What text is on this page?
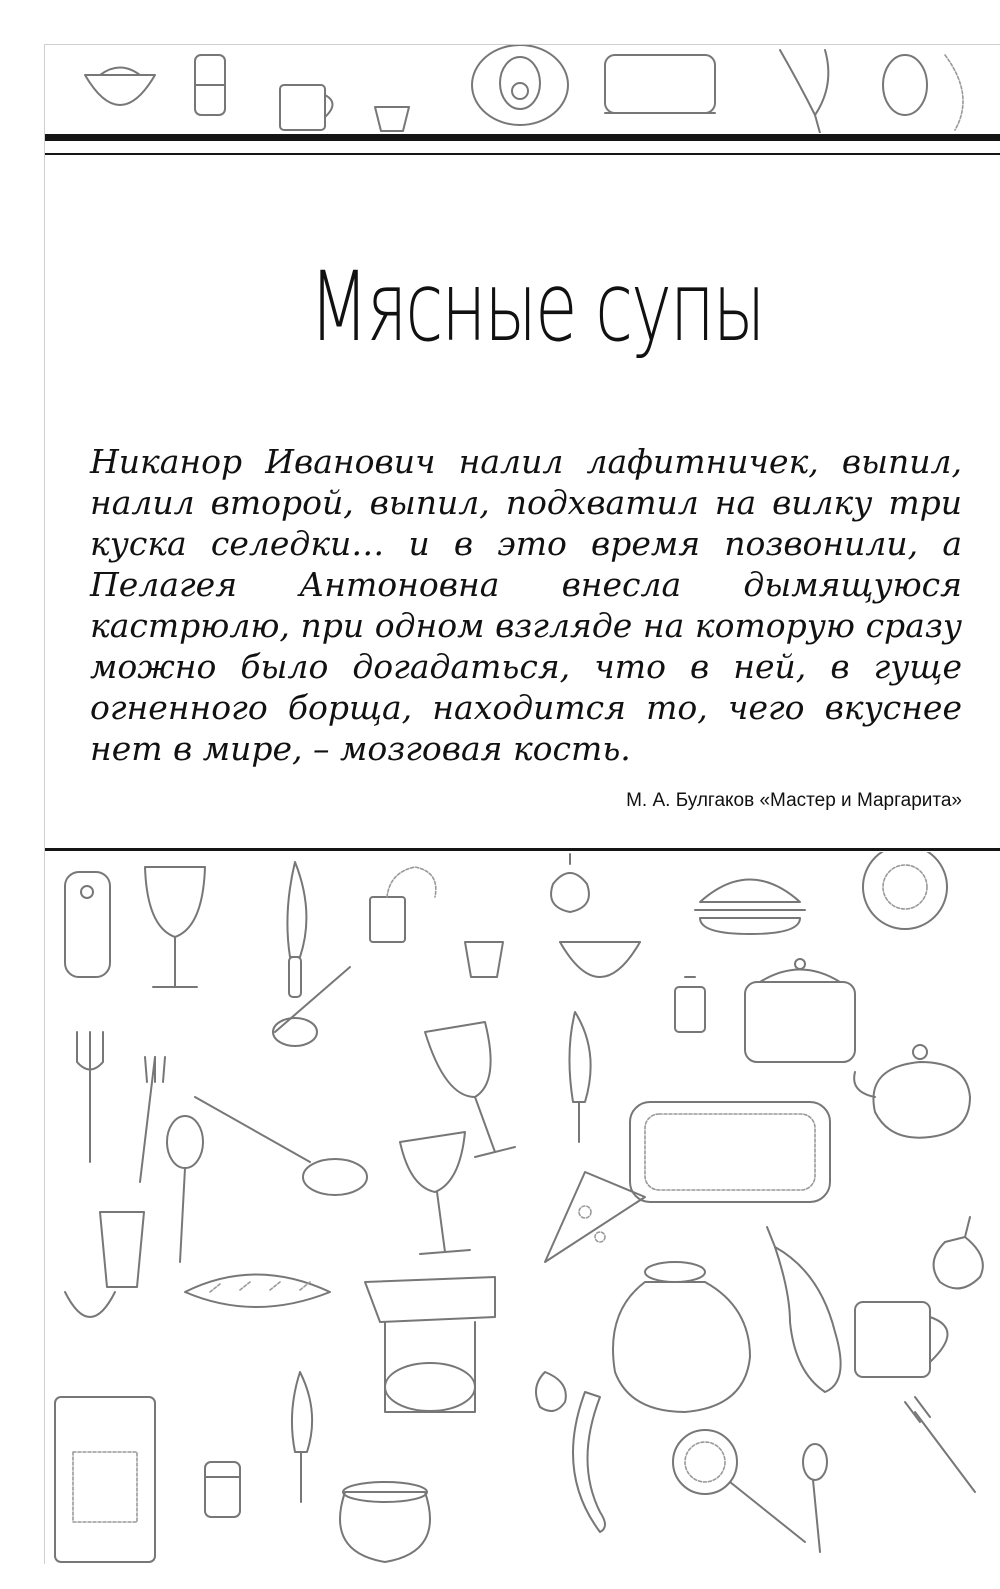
Мясные супы

Никанор Иванович налил лафитничек, выпил, налил второй, выпил, подхватил на вилку три куска селедки… и в это время позвонили, а Пелагея Антоновна внесла дымящуюся кастрюлю, при одном взгляде на которую сразу можно было догадаться, что в ней, в гуще огненного борща, находится то, чего вкуснее нет в мире, – мозговая кость.

М. А. Булгаков «Мастер и Маргарита»
